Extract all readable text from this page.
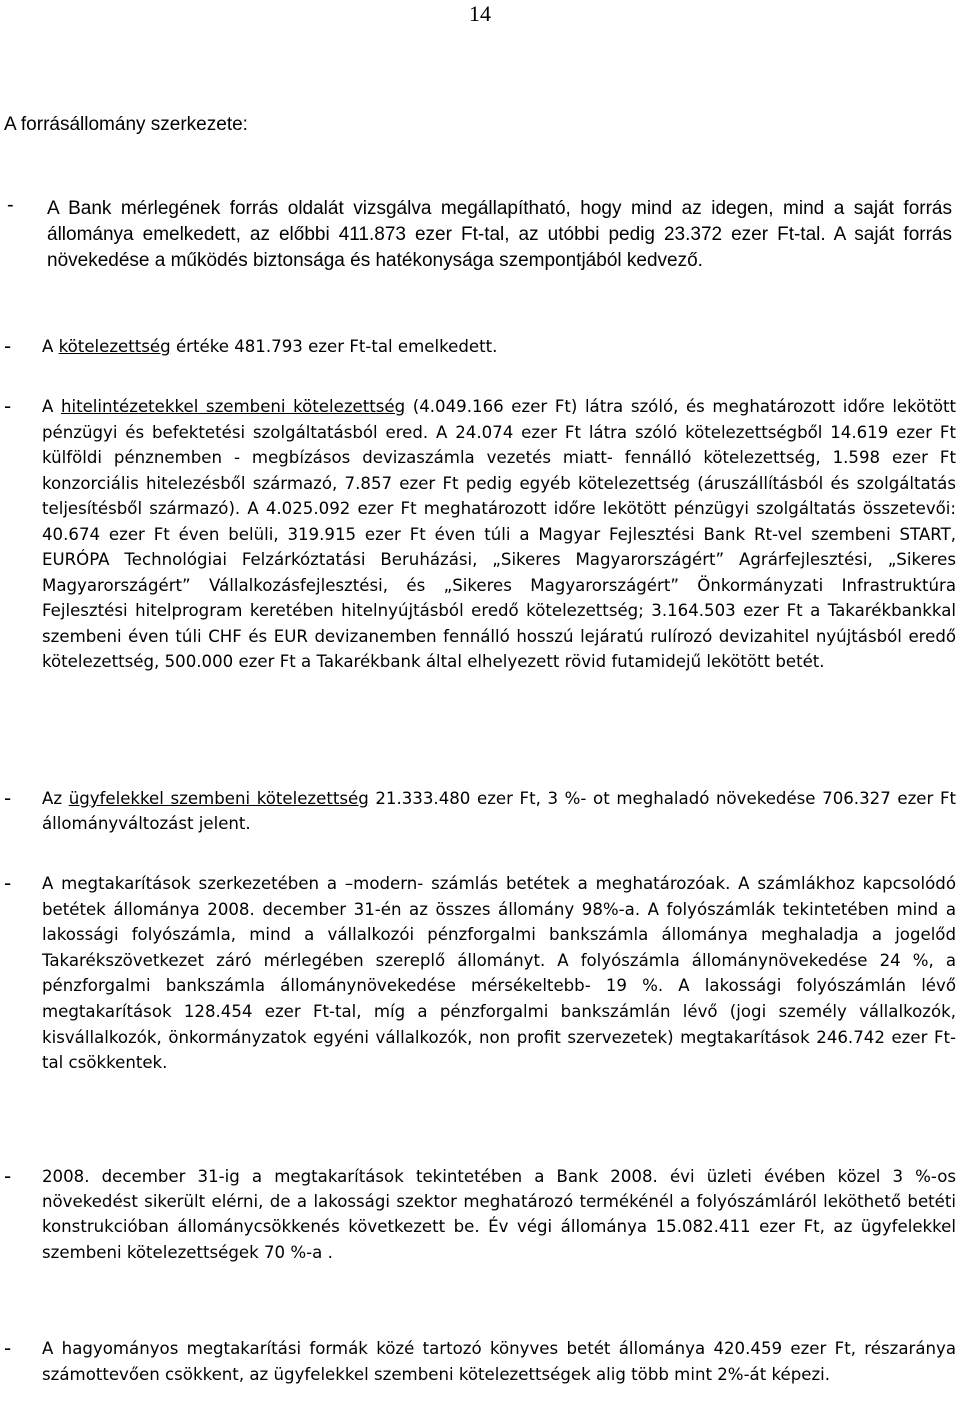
14
A forrásállomány szerkezete:
- A Bank mérlegének forrás oldalát vizsgálva megállapítható, hogy mind az idegen, mind a saját forrás állománya emelkedett, az előbbi 411.873 ezer Ft-tal, az utóbbi pedig 23.372 ezer Ft-tal. A saját forrás növekedése a működés biztonsága és hatékonysága szempontjából kedvező.
- A kötelezettség értéke 481.793 ezer Ft-tal emelkedett.
- A hitelintézetekkel szembeni kötelezettség (4.049.166 ezer Ft) látra szóló, és meghatározott időre lekötött pénzügyi és befektetési szolgáltatásból ered. A 24.074 ezer Ft látra szóló kötelezettségből 14.619 ezer Ft külföldi pénznemben - megbízásos devizaszámla vezetés miatt- fennálló kötelezettség, 1.598 ezer Ft konzorciális hitelezésből származó, 7.857 ezer Ft pedig egyéb kötelezettség (áruszállításból és szolgáltatás teljesítésből származó). A 4.025.092 ezer Ft meghatározott időre lekötött pénzügyi szolgáltatás összetevői: 40.674 ezer Ft éven belüli, 319.915 ezer Ft éven túli a Magyar Fejlesztési Bank Rt-vel szembeni START, EURÓPA Technológiai Felzárkóztatási Beruházási, „Sikeres Magyarországért” Agrárfejlesztési, „Sikeres Magyarországért” Vállalkozásfejlesztési, és „Sikeres Magyarországért” Önkormányzati Infrastruktúra Fejlesztési hitelprogram keretében hitelnyújtásból eredő kötelezettség; 3.164.503 ezer Ft a Takarékbankkal szembeni éven túli CHF és EUR devizanemben fennálló hosszú lejáratú rulírozó devizahitel nyújtásból eredő kötelezettség, 500.000 ezer Ft a Takarékbank által elhelyezett rövid futamidejű lekötött betét.
- Az ügyfelekkel szembeni kötelezettség 21.333.480 ezer Ft, 3 %- ot meghaladó növekedése 706.327 ezer Ft állományváltozást jelent.
- A megtakarítások szerkezetében a –modern- számlás betétek a meghatározóak. A számlákhoz kapcsolódó betétek állománya 2008. december 31-én az összes állomány 98%-a. A folyószámlák tekintetében mind a lakossági folyószámla, mind a vállalkozói pénzforgalmi bankszámla állománya meghaladja a jogelőd Takarékszövetkezet záró mérlegében szereplő állományt. A folyószámla állománynövekedése 24 %, a pénzforgalmi bankszámla állománynövekedése mérsékeltebb- 19 %. A lakossági folyószámlán lévő megtakarítások 128.454 ezer Ft-tal, míg a pénzforgalmi bankszámlán lévő (jogi személy vállalkozók, kisvállalkozók, önkormányzatok egyéni vállalkozók, non profit szervezetek) megtakarítások 246.742 ezer Ft-tal csökkentek.
- 2008. december 31-ig a megtakarítások tekintetében a Bank 2008. évi üzleti évében közel 3 %-os növekedést sikerült elérni, de a lakossági szektor meghatározó termékénél a folyószámláról leköthető betéti konstrukcióban állománycsökkenés következett be. Év végi állománya 15.082.411 ezer Ft, az ügyfelekkel szembeni kötelezettségek 70 %-a .
- A hagyományos megtakarítási formák közé tartozó könyves betét állománya 420.459 ezer Ft, részaránya számottevően csökkent, az ügyfelekkel szembeni kötelezettségek alig több mint 2%-át képezi.
